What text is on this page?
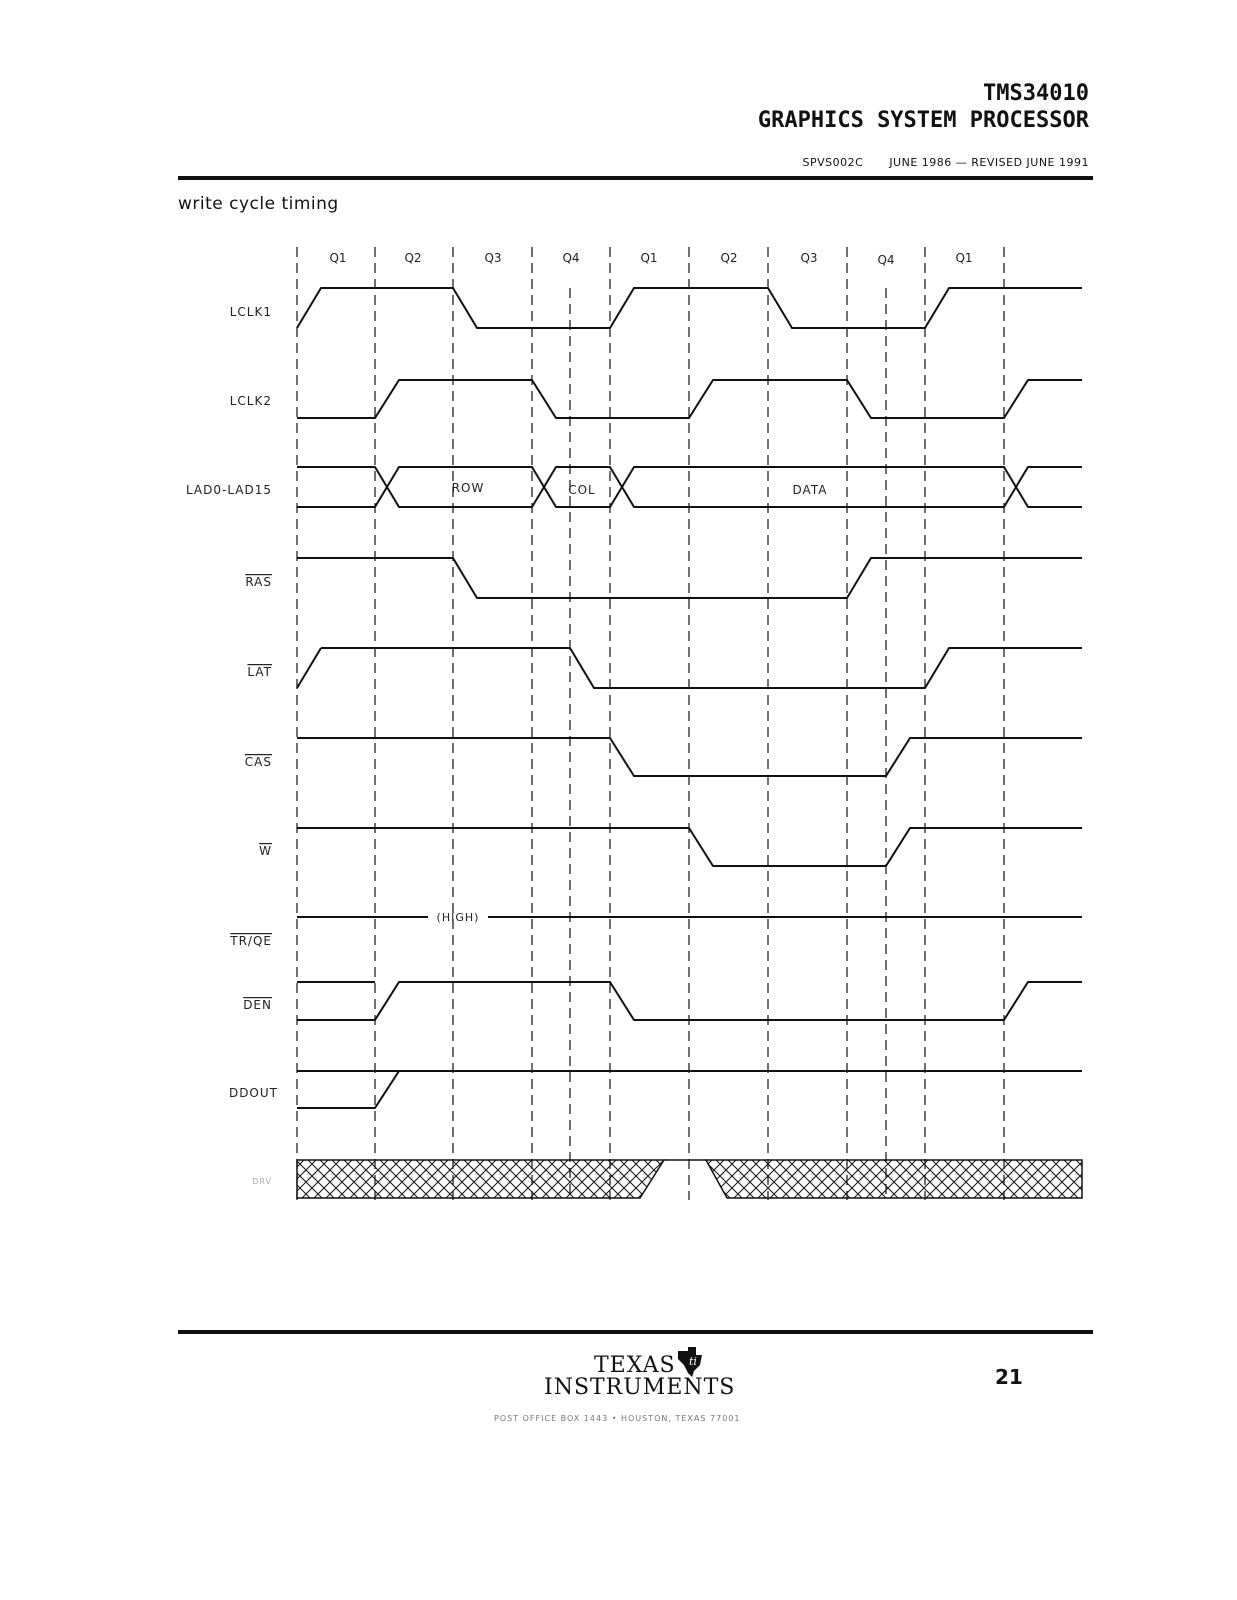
TMS34010
GRAPHICS SYSTEM PROCESSOR
SPVS002C JUNE 1986 — REVISED JUNE 1991
write cycle timing
Q1	Q2	Q3	Q4	Q1	Q2	Q3	Q4	Q1
LCLK1
LCLK2
LAD0-LAD15
RAS
LAT
CAS
W
TR/QE
DEN
DDOUT
DRV
ROW	COL	DATA
(HIGH)
TEXAS
INSTRUMENTS
ti
POST OFFICE BOX 1443 • HOUSTON, TEXAS 77001
21
